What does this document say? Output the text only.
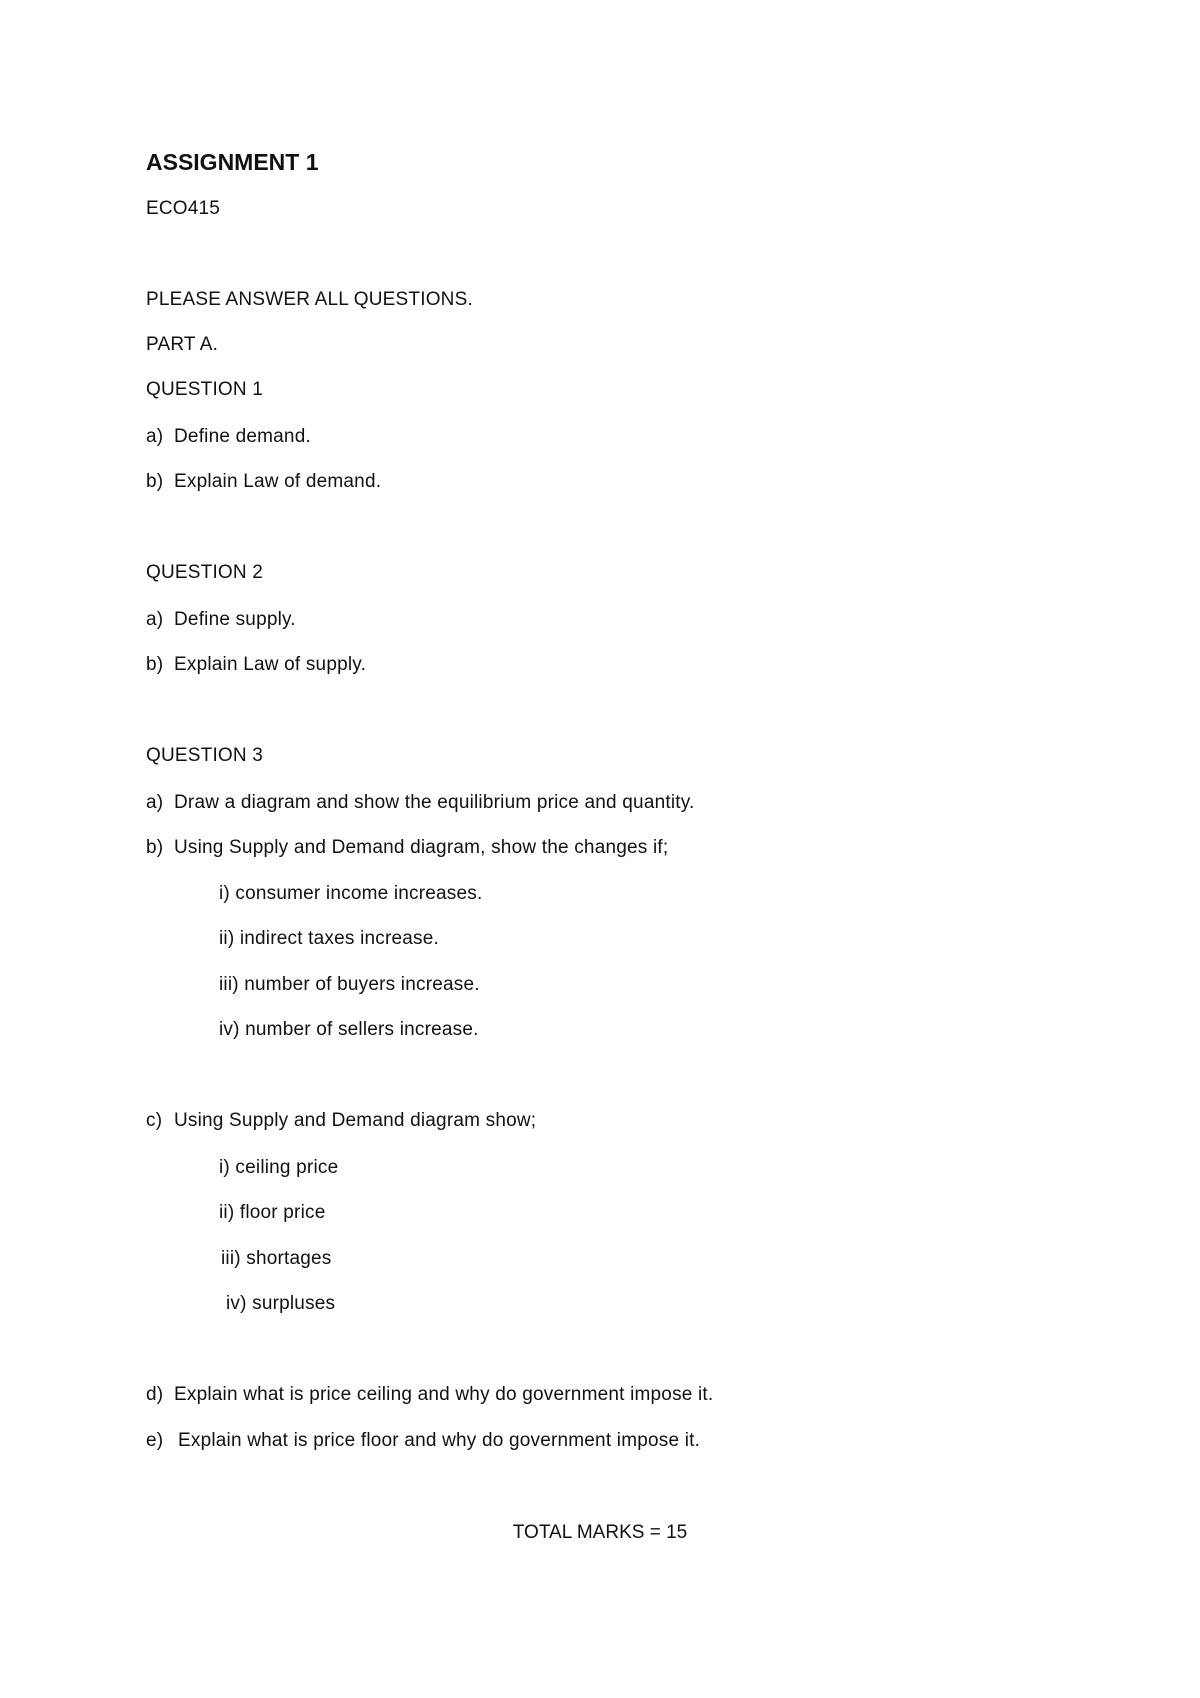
ASSIGNMENT 1
ECO415
PLEASE ANSWER ALL QUESTIONS.
PART A.
QUESTION 1
a) Define demand.
b) Explain Law of demand.
QUESTION 2
a) Define supply.
b) Explain Law of supply.
QUESTION 3
a) Draw a diagram and show the equilibrium price and quantity.
b) Using Supply and Demand diagram, show the changes if;
i) consumer income increases.
ii) indirect taxes increase.
iii) number of buyers increase.
iv) number of sellers increase.
c) Using Supply and Demand diagram show;
i) ceiling price
ii) floor price
iii) shortages
iv) surpluses
d) Explain what is price ceiling and why do government impose it.
e) Explain what is price floor and why do government impose it.
TOTAL MARKS = 15
